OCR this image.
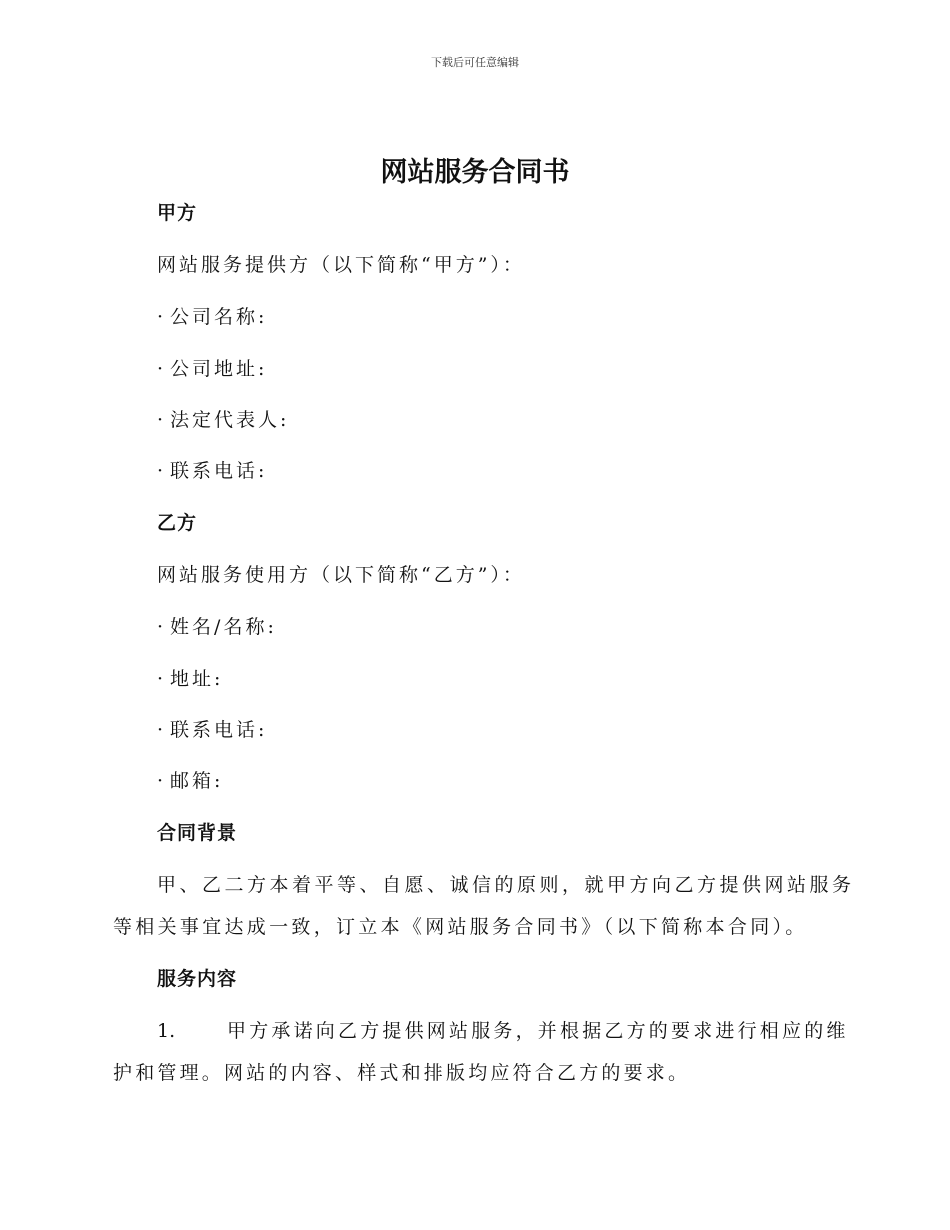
下载后可任意编辑
网站服务合同书
甲方
网站服务提供方（以下简称“甲方”）：
· 公司名称:
· 公司地址:
· 法定代表人:
· 联系电话:
乙方
网站服务使用方（以下简称“乙方”）：
· 姓名/名称:
· 地址:
· 联系电话:
· 邮箱:
合同背景
甲、乙二方本着平等、自愿、诚信的原则，就甲方向乙方提供网站服务
等相关事宜达成一致，订立本《网站服务合同书》（以下简称本合同）。
服务内容
1.	甲方承诺向乙方提供网站服务，并根据乙方的要求进行相应的维
护和管理。网站的内容、样式和排版均应符合乙方的要求。
